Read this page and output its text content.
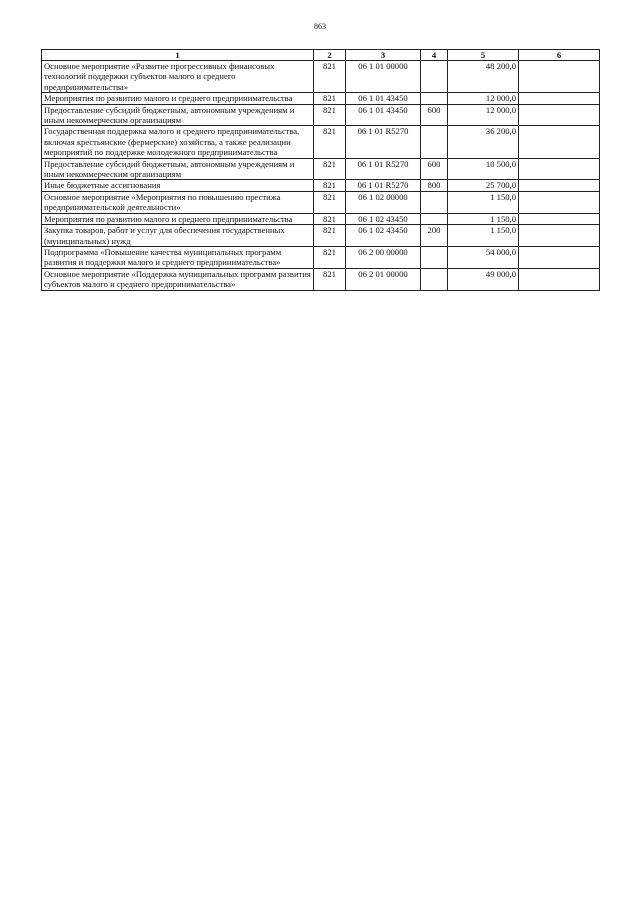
863
1	2	3	4	5	6
Основное мероприятие «Развитие прогрессивных финансовых технологий поддержки субъектов малого и среднего предпринимательства»	821	06 1 01 00000		48 200,0	
Мероприятия по развитию малого и среднего предпринимательства	821	06 1 01 43450		12 000,0	
Предоставление субсидий бюджетным, автономным учреждениям и иным некоммерческим организациям	821	06 1 01 43450	600	12 000,0	
Государственная поддержка малого и среднего предпринимательства, включая крестьянские (фермерские) хозяйства, а также реализации мероприятий по поддержке молодежного предпринимательства	821	06 1 01 R5270		36 200,0	
Предоставление субсидий бюджетным, автономным учреждениям и иным некоммерческим организациям	821	06 1 01 R5270	600	10 500,0	
Иные бюджетные ассигнования	821	06 1 01 R5270	800	25 700,0	
Основное мероприятие «Мероприятия по повышению престижа предпринимательской деятельности»	821	06 1 02 00000		1 150,0	
Мероприятия по развитию малого и среднего предпринимательства	821	06 1 02 43450		1 150,0	
Закупка товаров, работ и услуг для обеспечения государственных (муниципальных) нужд	821	06 1 02 43450	200	1 150,0	
Подпрограмма «Повышение качества муниципальных программ развития и поддержки малого и среднего предпринимательства»	821	06 2 00 00000		54 000,0	
Основное мероприятие «Поддержка муниципальных программ развития субъектов малого и среднего предпринимательства»	821	06 2 01 00000		49 000,0	
